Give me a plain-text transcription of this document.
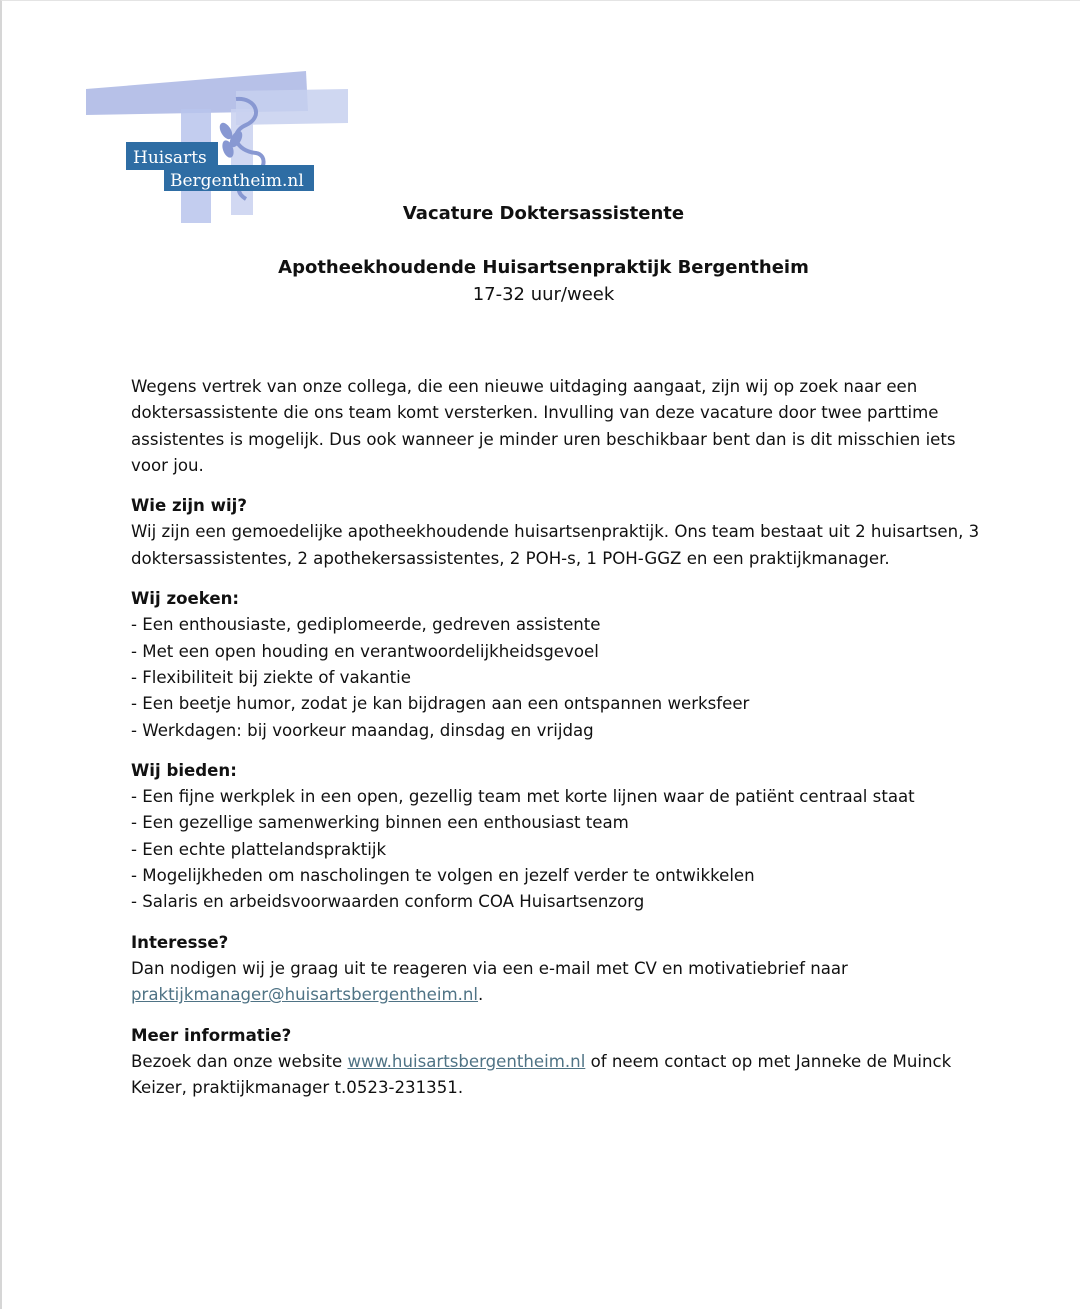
Huisarts
Bergentheim.nl
Vacature Doktersassistente
Apotheekhoudende Huisartsenpraktijk Bergentheim
17-32 uur/week

Wegens vertrek van onze collega, die een nieuwe uitdaging aangaat, zijn wij op zoek naar een doktersassistente die ons team komt versterken. Invulling van deze vacature door twee parttime assistentes is mogelijk. Dus ook wanneer je minder uren beschikbaar bent dan is dit misschien iets voor jou.

Wie zijn wij?
Wij zijn een gemoedelijke apotheekhoudende huisartsenpraktijk. Ons team bestaat uit 2 huisartsen, 3 doktersassistentes, 2 apothekersassistentes, 2 POH-s, 1 POH-GGZ en een praktijkmanager.

Wij zoeken:
- Een enthousiaste, gediplomeerde, gedreven assistente
- Met een open houding en verantwoordelijkheidsgevoel
- Flexibiliteit bij ziekte of vakantie
- Een beetje humor, zodat je kan bijdragen aan een ontspannen werksfeer
- Werkdagen: bij voorkeur maandag, dinsdag en vrijdag

Wij bieden:
- Een fijne werkplek in een open, gezellig team met korte lijnen waar de patiënt centraal staat
- Een gezellige samenwerking binnen een enthousiast team
- Een echte plattelandspraktijk
- Mogelijkheden om nascholingen te volgen en jezelf verder te ontwikkelen
- Salaris en arbeidsvoorwaarden conform COA Huisartsenzorg

Interesse?
Dan nodigen wij je graag uit te reageren via een e-mail met CV en motivatiebrief naar praktijkmanager@huisartsbergentheim.nl.

Meer informatie?
Bezoek dan onze website www.huisartsbergentheim.nl of neem contact op met Janneke de Muinck Keizer, praktijkmanager t.0523-231351.
